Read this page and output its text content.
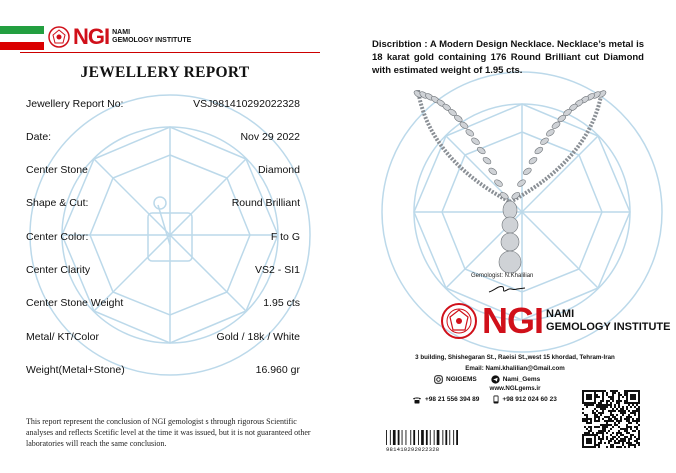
NGI NAMI
GEMOLOGY INSTITUTE
JEWELLERY REPORT
Jewellery Report No:	VSJ981410292022328
Date:	Nov 29 2022
Center Stone	Diamond
Shape & Cut:	Round Brilliant
Center Color:	F to G
Center Clarity	VS2 - SI1
Center Stone Weight	1.95 cts
Metal/ KT/Color	Gold / 18k / White
Weight(Metal+Stone)	16.960 gr
This report represent the conclusion of NGI gemologist s through rigorous Scientific analyses and reflects Scetific level at the time it was issued, but it is not guaranteed other laboratories will reach the same conclusion.
Discribtion : A Modern Design Necklace. Necklace’s metal is 18 karat gold containing 176 Round Brilliant cut Diamond with estimated weight of 1.95 cts.
Gemologist: N.Khalilian
NGI NAMI
GEMOLOGY INSTITUTE
3 building, Shishegaran St., Raeisi St.,west 15 khordad, Tehram-Iran
Email: Nami.khalilian@Gmail.com
NGIGEMS	Nami_Gems
www.NGLgems.ir
+98 21 556 394 89	+98 912 024 60 23
981410292022328
